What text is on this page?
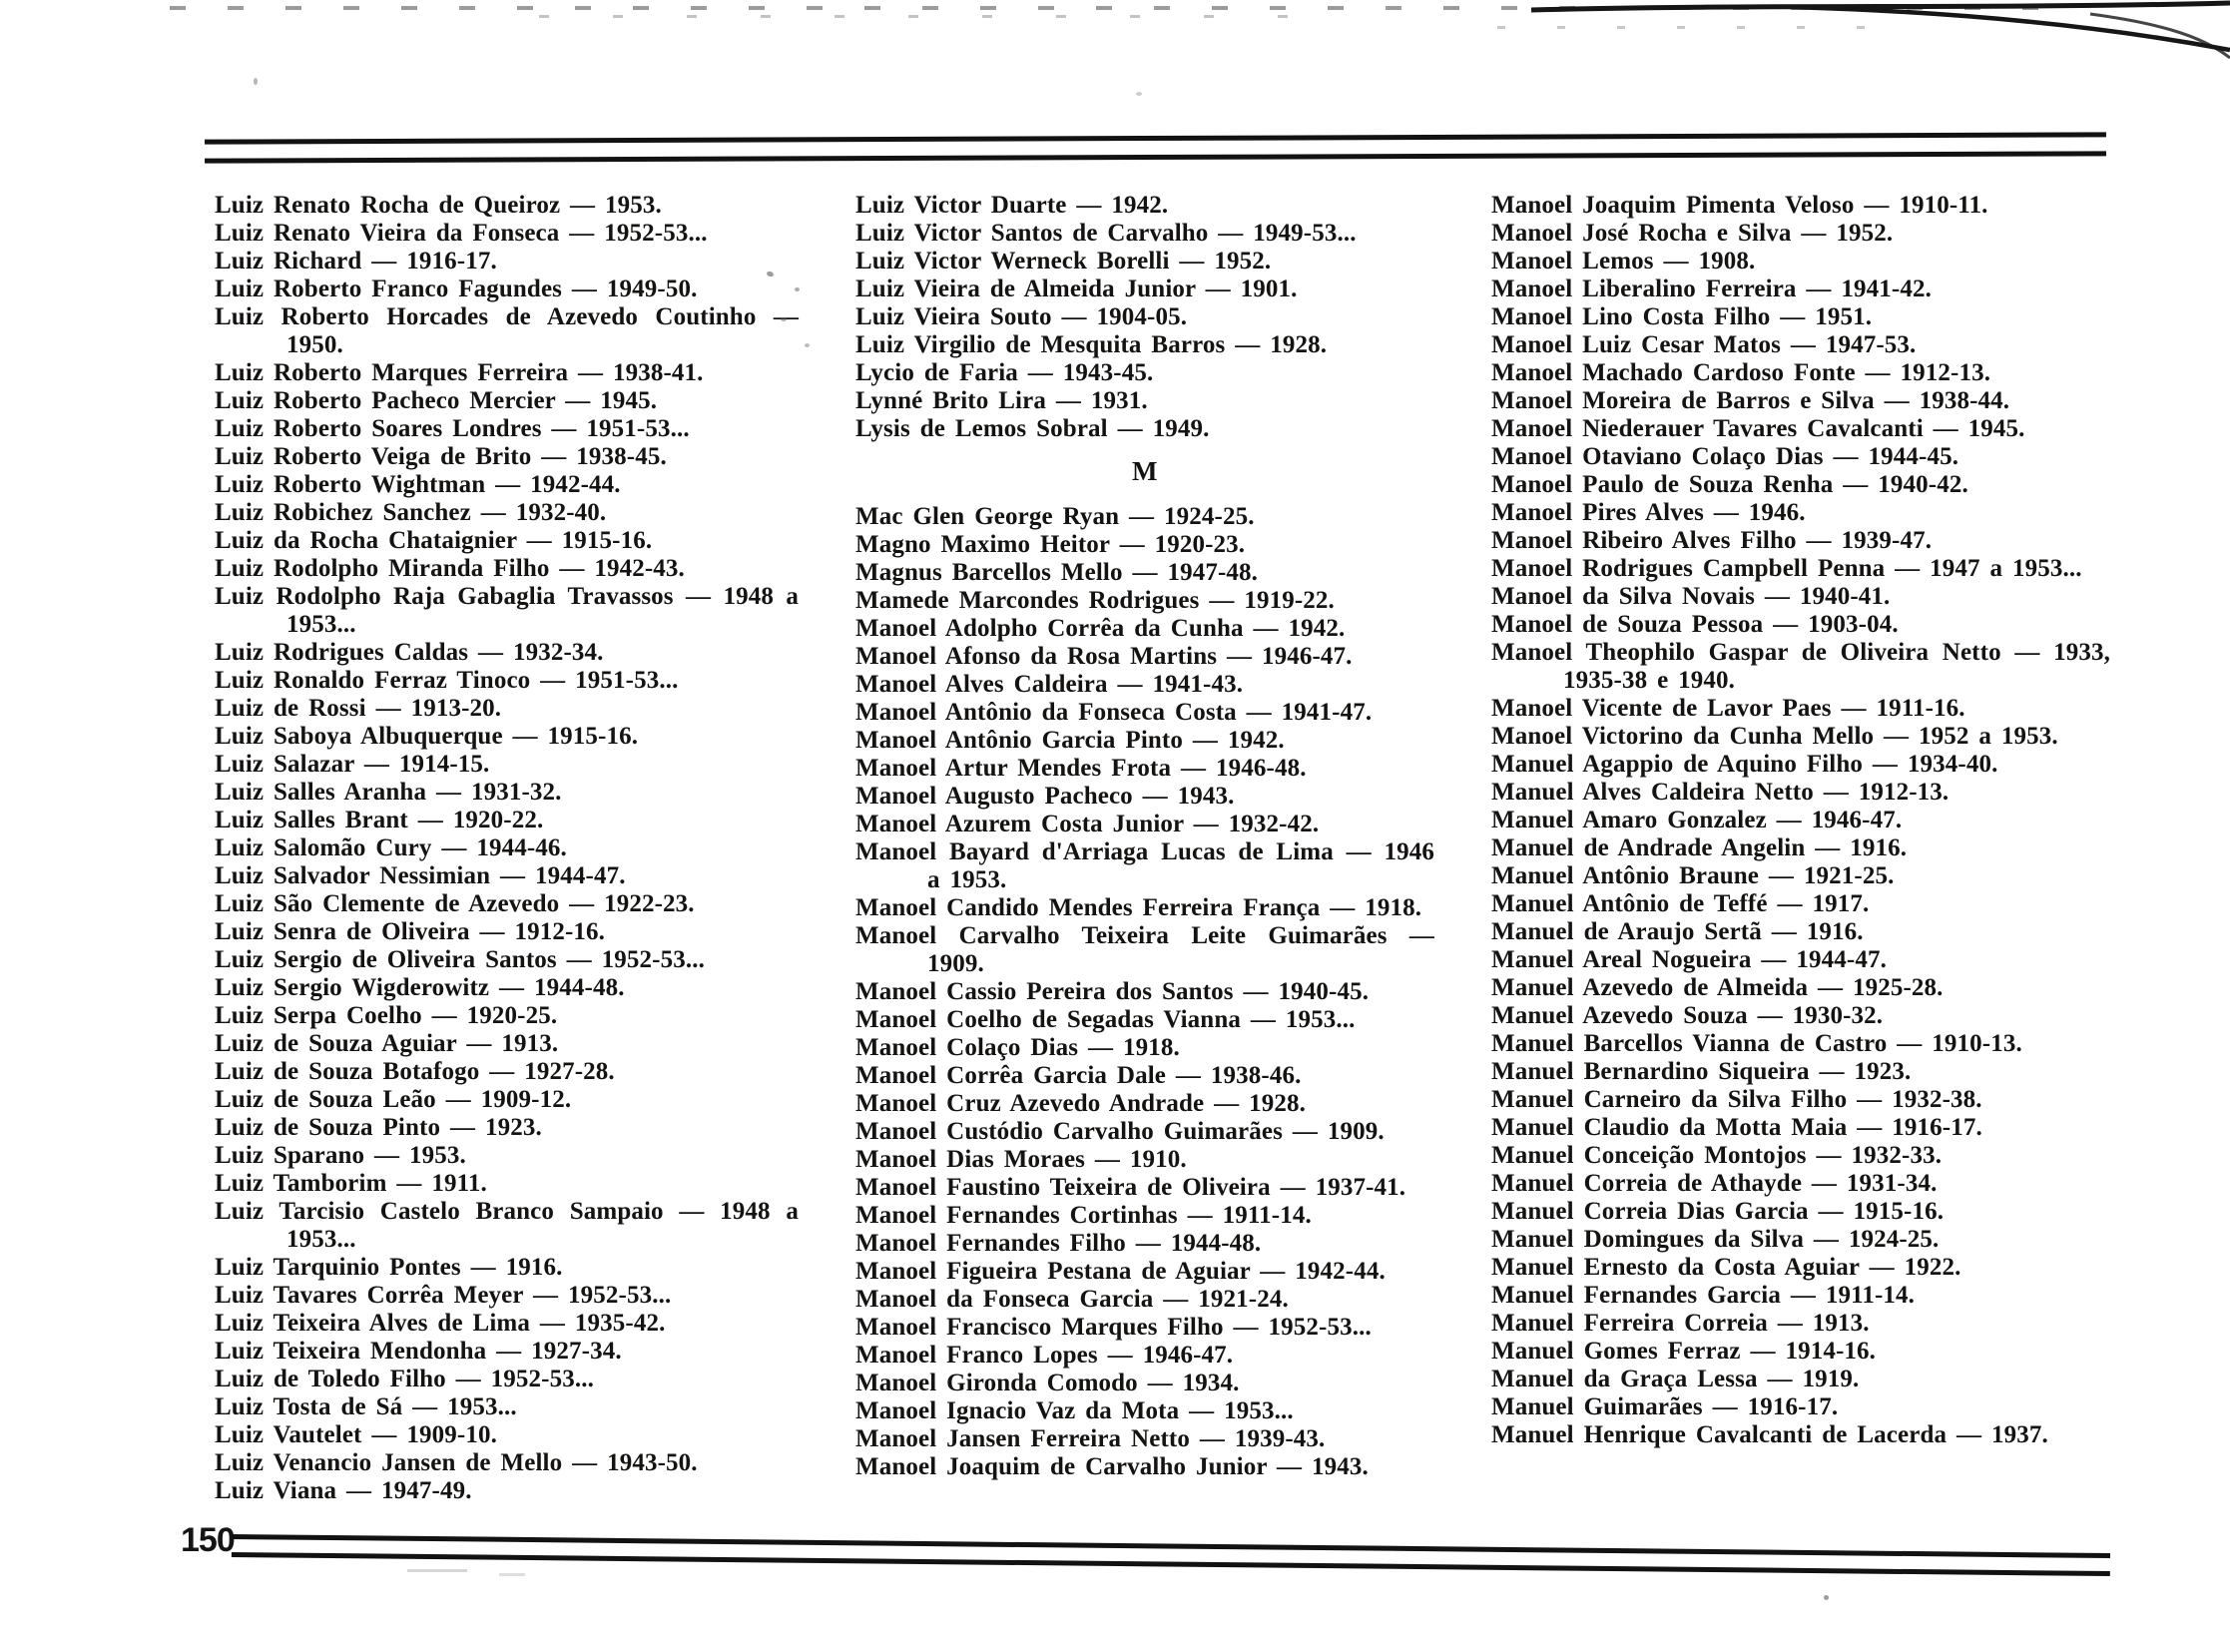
Luiz Renato Rocha de Queiroz — 1953.

Luiz Renato Vieira da Fonseca — 1952-53...

Luiz Richard — 1916-17.

Luiz Roberto Franco Fagundes — 1949-50.

Luiz Roberto Horcades de Azevedo Coutinho — 1950.

Luiz Roberto Marques Ferreira — 1938-41.

Luiz Roberto Pacheco Mercier — 1945.

Luiz Roberto Soares Londres — 1951-53...

Luiz Roberto Veiga de Brito — 1938-45.

Luiz Roberto Wightman — 1942-44.

Luiz Robichez Sanchez — 1932-40.

Luiz da Rocha Chataignier — 1915-16.

Luiz Rodolpho Miranda Filho — 1942-43.

Luiz Rodolpho Raja Gabaglia Travassos — 1948 a 1953...

Luiz Rodrigues Caldas — 1932-34.

Luiz Ronaldo Ferraz Tinoco — 1951-53...

Luiz de Rossi — 1913-20.

Luiz Saboya Albuquerque — 1915-16.

Luiz Salazar — 1914-15.

Luiz Salles Aranha — 1931-32.

Luiz Salles Brant — 1920-22.

Luiz Salomão Cury — 1944-46.

Luiz Salvador Nessimian — 1944-47.

Luiz São Clemente de Azevedo — 1922-23.

Luiz Senra de Oliveira — 1912-16.

Luiz Sergio de Oliveira Santos — 1952-53...

Luiz Sergio Wigderowitz — 1944-48.

Luiz Serpa Coelho — 1920-25.

Luiz de Souza Aguiar — 1913.

Luiz de Souza Botafogo — 1927-28.

Luiz de Souza Leão — 1909-12.

Luiz de Souza Pinto — 1923.

Luiz Sparano — 1953.

Luiz Tamborim — 1911.

Luiz Tarcisio Castelo Branco Sampaio — 1948 a 1953...

Luiz Tarquinio Pontes — 1916.

Luiz Tavares Corrêa Meyer — 1952-53...

Luiz Teixeira Alves de Lima — 1935-42.

Luiz Teixeira Mendonha — 1927-34.

Luiz de Toledo Filho — 1952-53...

Luiz Tosta de Sá — 1953...

Luiz Vautelet — 1909-10.

Luiz Venancio Jansen de Mello — 1943-50.

Luiz Viana — 1947-49.

Luiz Victor Duarte — 1942.

Luiz Victor Santos de Carvalho — 1949-53...

Luiz Victor Werneck Borelli — 1952.

Luiz Vieira de Almeida Junior — 1901.

Luiz Vieira Souto — 1904-05.

Luiz Virgilio de Mesquita Barros — 1928.

Lycio de Faria — 1943-45.

Lynné Brito Lira — 1931.

Lysis de Lemos Sobral — 1949.

M

Mac Glen George Ryan — 1924-25.

Magno Maximo Heitor — 1920-23.

Magnus Barcellos Mello — 1947-48.

Mamede Marcondes Rodrigues — 1919-22.

Manoel Adolpho Corrêa da Cunha — 1942.

Manoel Afonso da Rosa Martins — 1946-47.

Manoel Alves Caldeira — 1941-43.

Manoel Antônio da Fonseca Costa — 1941-47.

Manoel Antônio Garcia Pinto — 1942.

Manoel Artur Mendes Frota — 1946-48.

Manoel Augusto Pacheco — 1943.

Manoel Azurem Costa Junior — 1932-42.

Manoel Bayard d'Arriaga Lucas de Lima — 1946 a 1953.

Manoel Candido Mendes Ferreira França — 1918.

Manoel Carvalho Teixeira Leite Guimarães — 1909.

Manoel Cassio Pereira dos Santos — 1940-45.

Manoel Coelho de Segadas Vianna — 1953...

Manoel Colaço Dias — 1918.

Manoel Corrêa Garcia Dale — 1938-46.

Manoel Cruz Azevedo Andrade — 1928.

Manoel Custódio Carvalho Guimarães — 1909.

Manoel Dias Moraes — 1910.

Manoel Faustino Teixeira de Oliveira — 1937-41.

Manoel Fernandes Cortinhas — 1911-14.

Manoel Fernandes Filho — 1944-48.

Manoel Figueira Pestana de Aguiar — 1942-44.

Manoel da Fonseca Garcia — 1921-24.

Manoel Francisco Marques Filho — 1952-53...

Manoel Franco Lopes — 1946-47.

Manoel Gironda Comodo — 1934.

Manoel Ignacio Vaz da Mota — 1953...

Manoel Jansen Ferreira Netto — 1939-43.

Manoel Joaquim de Carvalho Junior — 1943.

Manoel Joaquim Pimenta Veloso — 1910-11.

Manoel José Rocha e Silva — 1952.

Manoel Lemos — 1908.

Manoel Liberalino Ferreira — 1941-42.

Manoel Lino Costa Filho — 1951.

Manoel Luiz Cesar Matos — 1947-53.

Manoel Machado Cardoso Fonte — 1912-13.

Manoel Moreira de Barros e Silva — 1938-44.

Manoel Niederauer Tavares Cavalcanti — 1945.

Manoel Otaviano Colaço Dias — 1944-45.

Manoel Paulo de Souza Renha — 1940-42.

Manoel Pires Alves — 1946.

Manoel Ribeiro Alves Filho — 1939-47.

Manoel Rodrigues Campbell Penna — 1947 a 1953...

Manoel da Silva Novais — 1940-41.

Manoel de Souza Pessoa — 1903-04.

Manoel Theophilo Gaspar de Oliveira Netto — 1933, 1935-38 e 1940.

Manoel Vicente de Lavor Paes — 1911-16.

Manoel Victorino da Cunha Mello — 1952 a 1953.

Manuel Agappio de Aquino Filho — 1934-40.

Manuel Alves Caldeira Netto — 1912-13.

Manuel Amaro Gonzalez — 1946-47.

Manuel de Andrade Angelin — 1916.

Manuel Antônio Braune — 1921-25.

Manuel Antônio de Teffé — 1917.

Manuel de Araujo Sertã — 1916.

Manuel Areal Nogueira — 1944-47.

Manuel Azevedo de Almeida — 1925-28.

Manuel Azevedo Souza — 1930-32.

Manuel Barcellos Vianna de Castro — 1910-13.

Manuel Bernardino Siqueira — 1923.

Manuel Carneiro da Silva Filho — 1932-38.

Manuel Claudio da Motta Maia — 1916-17.

Manuel Conceição Montojos — 1932-33.

Manuel Correia de Athayde — 1931-34.

Manuel Correia Dias Garcia — 1915-16.

Manuel Domingues da Silva — 1924-25.

Manuel Ernesto da Costa Aguiar — 1922.

Manuel Fernandes Garcia — 1911-14.

Manuel Ferreira Correia — 1913.

Manuel Gomes Ferraz — 1914-16.

Manuel da Graça Lessa — 1919.

Manuel Guimarães — 1916-17.

Manuel Henrique Cavalcanti de Lacerda — 1937.

150
